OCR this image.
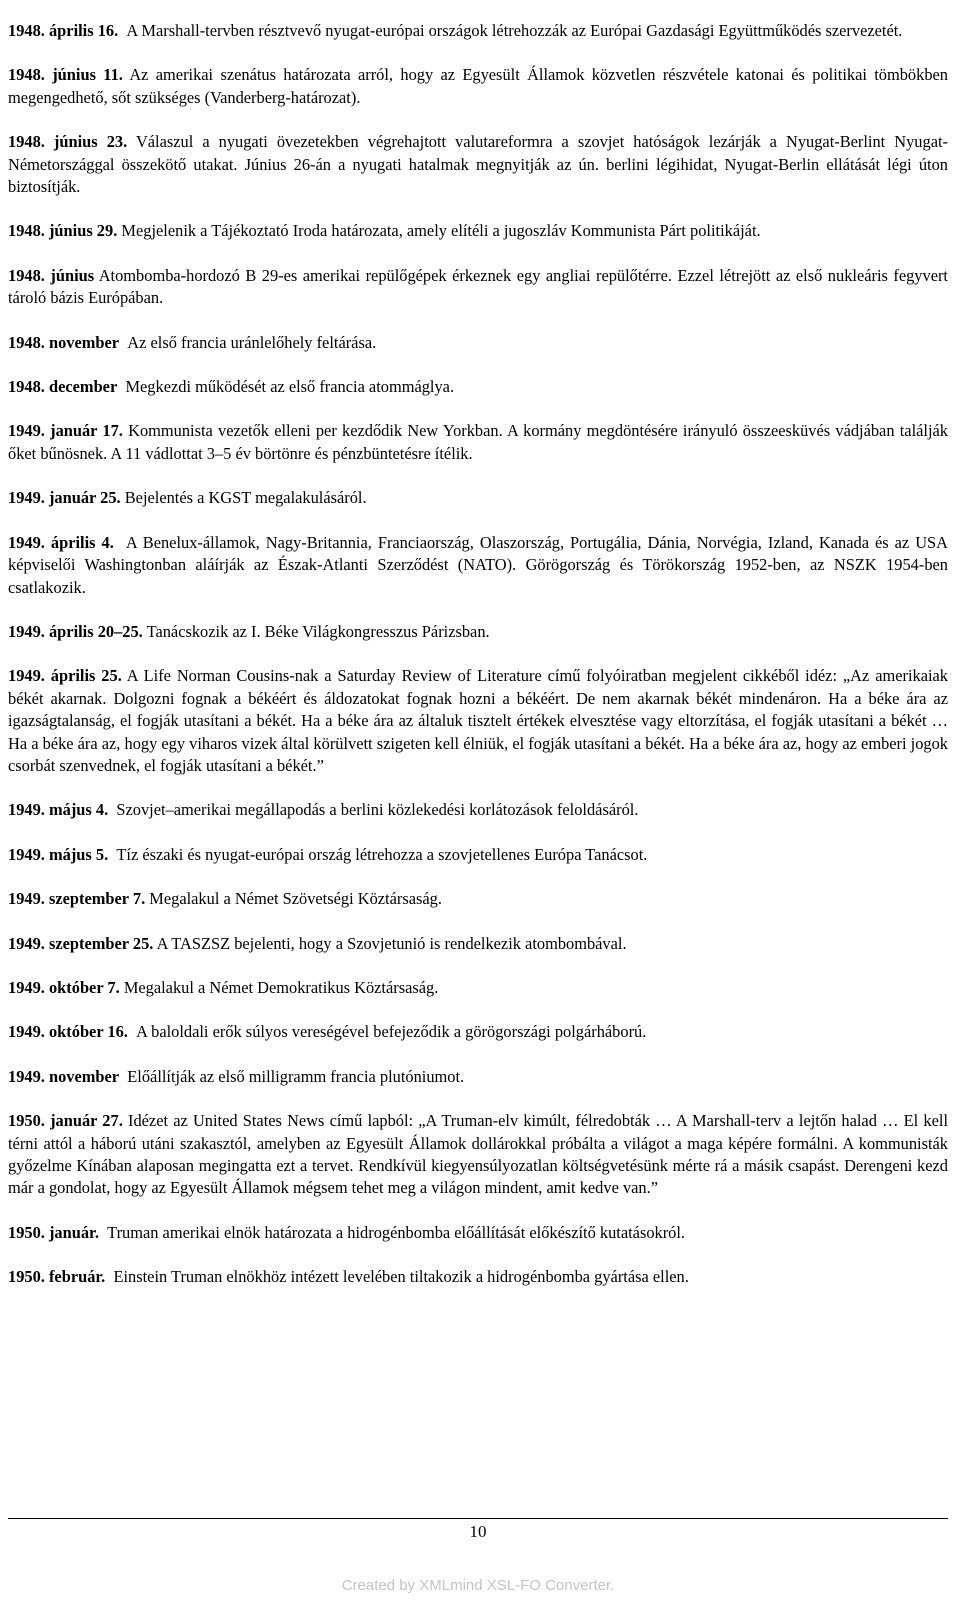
1948. április 16. A Marshall-tervben résztvevő nyugat-európai országok létrehozzák az Európai Gazdasági Együttműködés szervezetét.

1948. június 11. Az amerikai szenátus határozata arról, hogy az Egyesült Államok közvetlen részvétele katonai és politikai tömbökben megengedhető, sőt szükséges (Vanderberg-határozat).

1948. június 23. Válaszul a nyugati övezetekben végrehajtott valutareformra a szovjet hatóságok lezárják a Nyugat-Berlint Nyugat-Németországgal összekötő utakat. Június 26-án a nyugati hatalmak megnyitják az ún. berlini légihidat, Nyugat-Berlin ellátását légi úton biztosítják.

1948. június 29. Megjelenik a Tájékoztató Iroda határozata, amely elítéli a jugoszláv Kommunista Párt politikáját.

1948. június Atombomba-hordozó B 29-es amerikai repülőgépek érkeznek egy angliai repülőtérre. Ezzel létrejött az első nukleáris fegyvert tároló bázis Európában.

1948. november Az első francia uránlelőhely feltárása.

1948. december Megkezdi működését az első francia atommáglya.

1949. január 17. Kommunista vezetők elleni per kezdődik New Yorkban. A kormány megdöntésére irányuló összeesküvés vádjában találják őket bűnösnek. A 11 vádlottat 3–5 év börtönre és pénzbüntetésre ítélik.

1949. január 25. Bejelentés a KGST megalakulásáról.

1949. április 4. A Benelux-államok, Nagy-Britannia, Franciaország, Olaszország, Portugália, Dánia, Norvégia, Izland, Kanada és az USA képviselői Washingtonban aláírják az Észak-Atlanti Szerződést (NATO). Görögország és Törökország 1952-ben, az NSZK 1954-ben csatlakozik.

1949. április 20–25. Tanácskozik az I. Béke Világkongresszus Párizsban.

1949. április 25. A Life Norman Cousins-nak a Saturday Review of Literature című folyóiratban megjelent cikkéből idéz: „Az amerikaiak békét akarnak. Dolgozni fognak a békéért és áldozatokat fognak hozni a békéért. De nem akarnak békét mindenáron. Ha a béke ára az igazságtalanság, el fogják utasítani a békét. Ha a béke ára az általuk tisztelt értékek elvesztése vagy eltorzítása, el fogják utasítani a békét … Ha a béke ára az, hogy egy viharos vizek által körülvett szigeten kell élniük, el fogják utasítani a békét. Ha a béke ára az, hogy az emberi jogok csorbát szenvednek, el fogják utasítani a békét.”

1949. május 4. Szovjet–amerikai megállapodás a berlini közlekedési korlátozások feloldásáról.

1949. május 5. Tíz északi és nyugat-európai ország létrehozza a szovjetellenes Európa Tanácsot.

1949. szeptember 7. Megalakul a Német Szövetségi Köztársaság.

1949. szeptember 25. A TASZSZ bejelenti, hogy a Szovjetunió is rendelkezik atombombával.

1949. október 7. Megalakul a Német Demokratikus Köztársaság.

1949. október 16. A baloldali erők súlyos vereségével befejeződik a görögországi polgárháború.

1949. november Előállítják az első milligramm francia plutóniumot.

1950. január 27. Idézet az United States News című lapból: „A Truman-elv kimúlt, félredobták … A Marshall-terv a lejtőn halad … El kell térni attól a háború utáni szakasztól, amelyben az Egyesült Államok dollárokkal próbálta a világot a maga képére formálni. A kommunisták győzelme Kínában alaposan megingatta ezt a tervet. Rendkívül kiegyensúlyozatlan költségvetésünk mérte rá a másik csapást. Derengeni kezd már a gondolat, hogy az Egyesült Államok mégsem tehet meg a világon mindent, amit kedve van.”

1950. január. Truman amerikai elnök határozata a hidrogénbomba előállítását előkészítő kutatásokról.

1950. február. Einstein Truman elnökhöz intézett levelében tiltakozik a hidrogénbomba gyártása ellen.

10
Created by XMLmind XSL-FO Converter.
